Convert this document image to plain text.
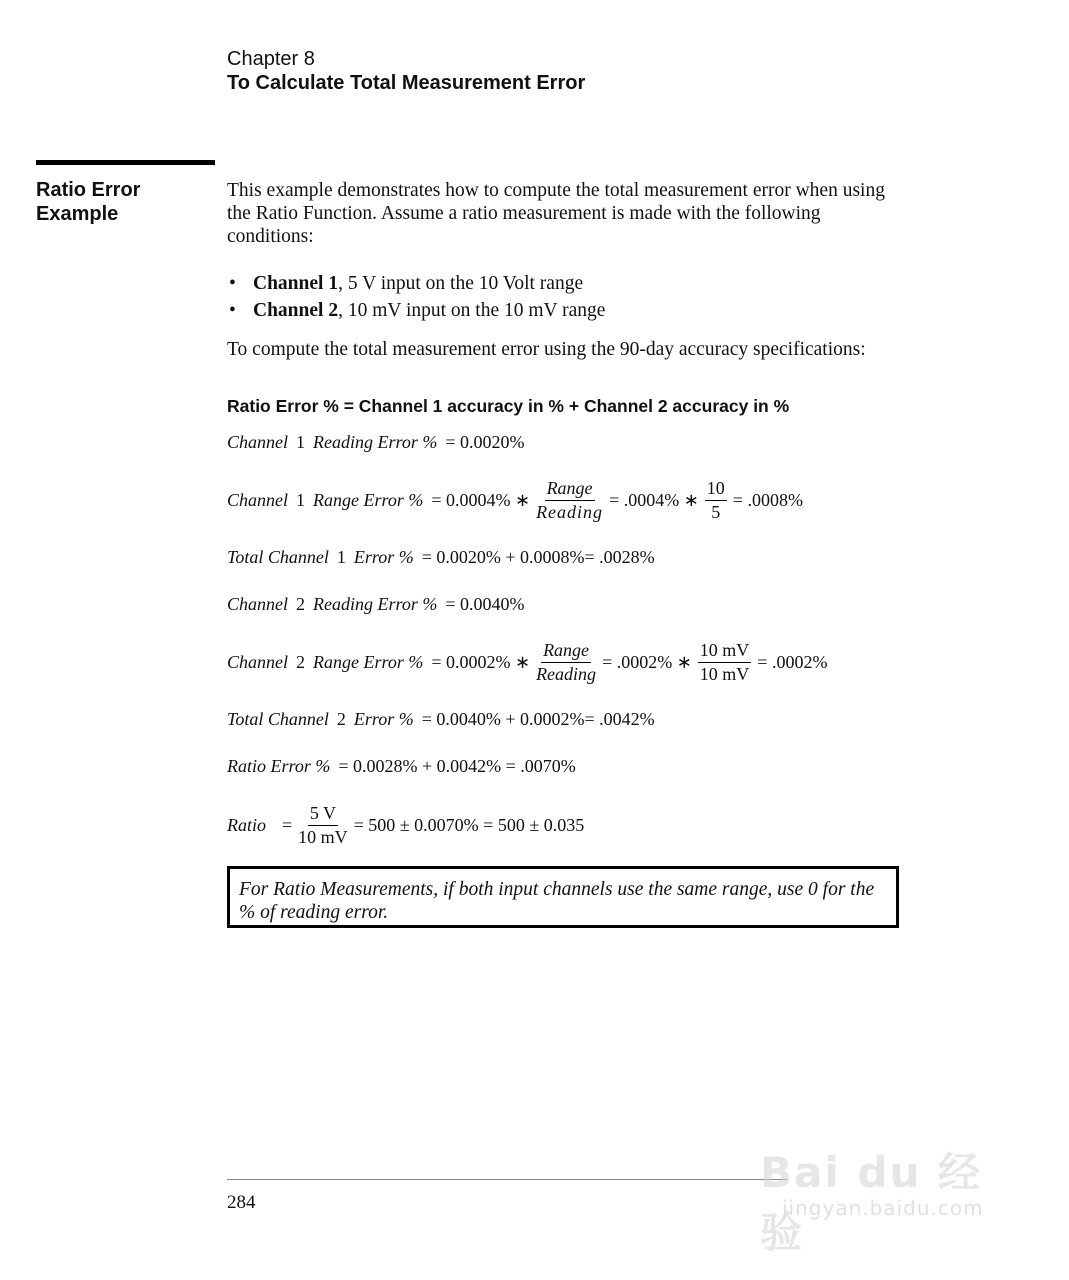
Chapter 8
To Calculate Total Measurement Error
Ratio Error
Example
This example demonstrates how to compute the total measurement error when using the Ratio Function. Assume a ratio measurement is made with the following conditions:
• Channel 1, 5 V input on the 10 Volt range
• Channel 2, 10 mV input on the 10 mV range
To compute the total measurement error using the 90-day accuracy specifications:
Ratio Error % = Channel 1 accuracy in % + Channel 2 accuracy in %
Channel 1 Reading Error % = 0.0020%
Channel 1 Range Error % = 0.0004% ∗ $\frac{\text{Range}}{\text{Reading}} = .0004\%$ ∗ $\frac{10}{5} = .0008\%$
Total Channel 1 Error % = 0.0020% + 0.0008%= .0028%
Channel 2 Reading Error % = 0.0040%
Channel 2 Range Error % = 0.0002% ∗ $\frac{\text{Range}}{\text{Reading}} = .0002\%$ ∗ $\frac{10 mV}{10 mV} = .0002\%$
Total Channel 2 Error % = 0.0040% + 0.0002%= .0042%
Ratio Error % = 0.0028% + 0.0042% = .0070%
Ratio = $\frac{5 V}{10 mV} = 500 \pm 0.0070\% = 500 \pm 0.035$
For Ratio Measurements, if both input channels use the same range, use 0 for the % of reading error.
284
Bai du 经验
jingyan.baidu.com
